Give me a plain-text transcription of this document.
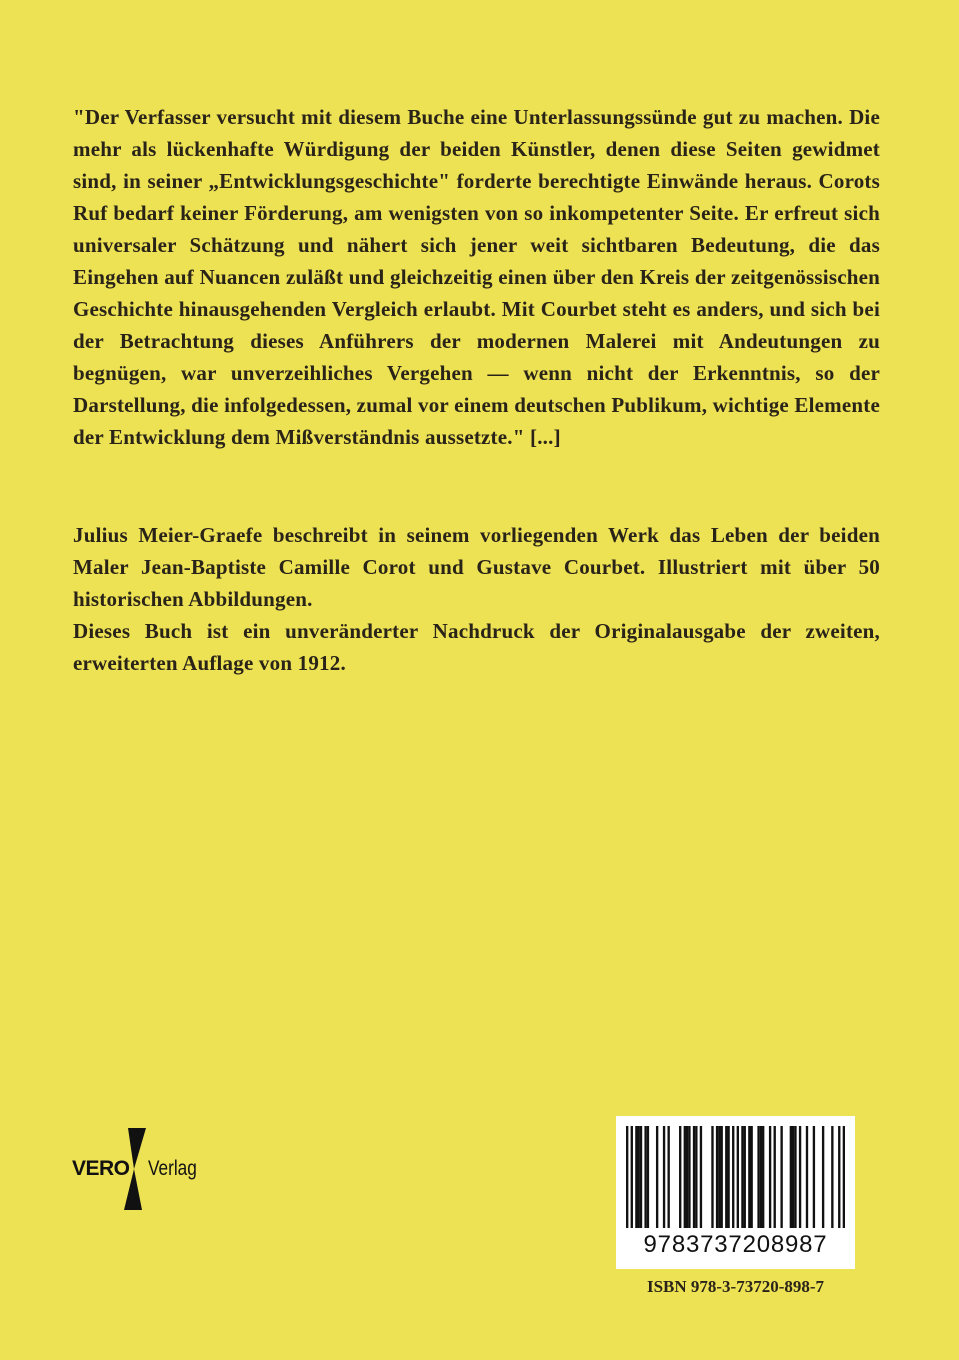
"Der Verfasser versucht mit diesem Buche eine Unterlassungssünde gut zu machen. Die mehr als lückenhafte Würdigung der beiden Künstler, denen diese Seiten gewidmet sind, in seiner „Entwicklungsgeschichte" forderte berechtigte Einwände heraus. Corots Ruf bedarf keiner Förderung, am wenigsten von so inkompetenter Seite. Er erfreut sich universaler Schätzung und nähert sich jener weit sichtbaren Bedeutung, die das Eingehen auf Nuancen zuläßt und gleichzeitig einen über den Kreis der zeitgenössischen Geschichte hinausgehenden Vergleich erlaubt. Mit Courbet steht es anders, und sich bei der Betrachtung dieses Anführers der modernen Malerei mit Andeutungen zu begnügen, war unverzeihliches Vergehen — wenn nicht der Erkenntnis, so der Darstellung, die infolgedessen, zumal vor einem deutschen Publikum, wichtige Elemente der Entwicklung dem Mißverständnis aussetzte." [...]

Julius Meier-Graefe beschreibt in seinem vorliegenden Werk das Leben der beiden Maler Jean-Baptiste Camille Corot und Gustave Courbet. Illustriert mit über 50 historischen Abbildungen.

Dieses Buch ist ein unveränderter Nachdruck der Originalausgabe der zweiten, erweiterten Auflage von 1912.

VERO Verlag
9783737208987
ISBN 978-3-73720-898-7
